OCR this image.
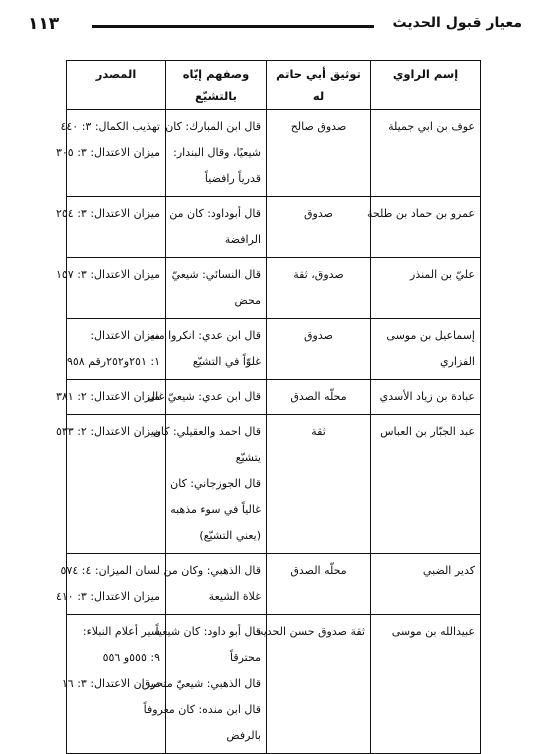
١١٣	معيار قبول الحديث
إسم الراوي	توثيق أبي حاتم له	وصفهم إيّاه بالتشيّع	المصدر

عوف بن ابي جميلة	صدوق صالح	قال ابن المبارك: كان
شيعيًا، وقال البندار:
قدرياً رافضياً	تهذيب الكمال: ٣: ٤٤٠
ميزان الاعتدال: ٣: ٣٠٥

عمرو بن حماد بن طلحة	صدوق	قال أبوداود: كان من
الرافضة	ميزان الاعتدال: ٣: ٢٥٤

عليّ بن المنذر	صدوق، ثقة	قال النسائي: شيعيّ
محض	ميزان الاعتدال: ٣: ١٥٧

إسماعيل بن موسى
الفزاري	صدوق	قال ابن عدي: انكروا منه
غلوّاً في التشيّع	ميزان الاعتدال:
١: ٢٥١و٢٥٢رقم ٩٥٨

عبادة بن زياد الأسدي	محلّه الصدق	قال ابن عدي: شيعيّ غال	ميزان الاعتدال: ٢: ٣٨١

عبد الجبّار بن العباس	ثقة	قال احمد والعقيلي: كان
يتشيّع
قال الجوزجاني: كان
غالياً في سوء مذهبه
(يعني التشيّع)	ميزان الاعتدال: ٢: ٥٣٣

كدير الضبي	محلّه الصدق	قال الذهبي: وكان من
غلاة الشيعة	لسان الميزان: ٤: ٥٧٤
ميزان الاعتدال: ٣: ٤١٠

عبيدالله بن موسى	ثقة صدوق حسن الحديث	قال أبو داود: كان شيعياً
محترقاً
قال الذهبي: شيعيّ متحرق
قال ابن منده: كان معروفاً
بالرفض	سير أعلام النبلاء:
٩: ٥٥٥و ٥٥٦
ميزان الاعتدال: ٣: ١٦
